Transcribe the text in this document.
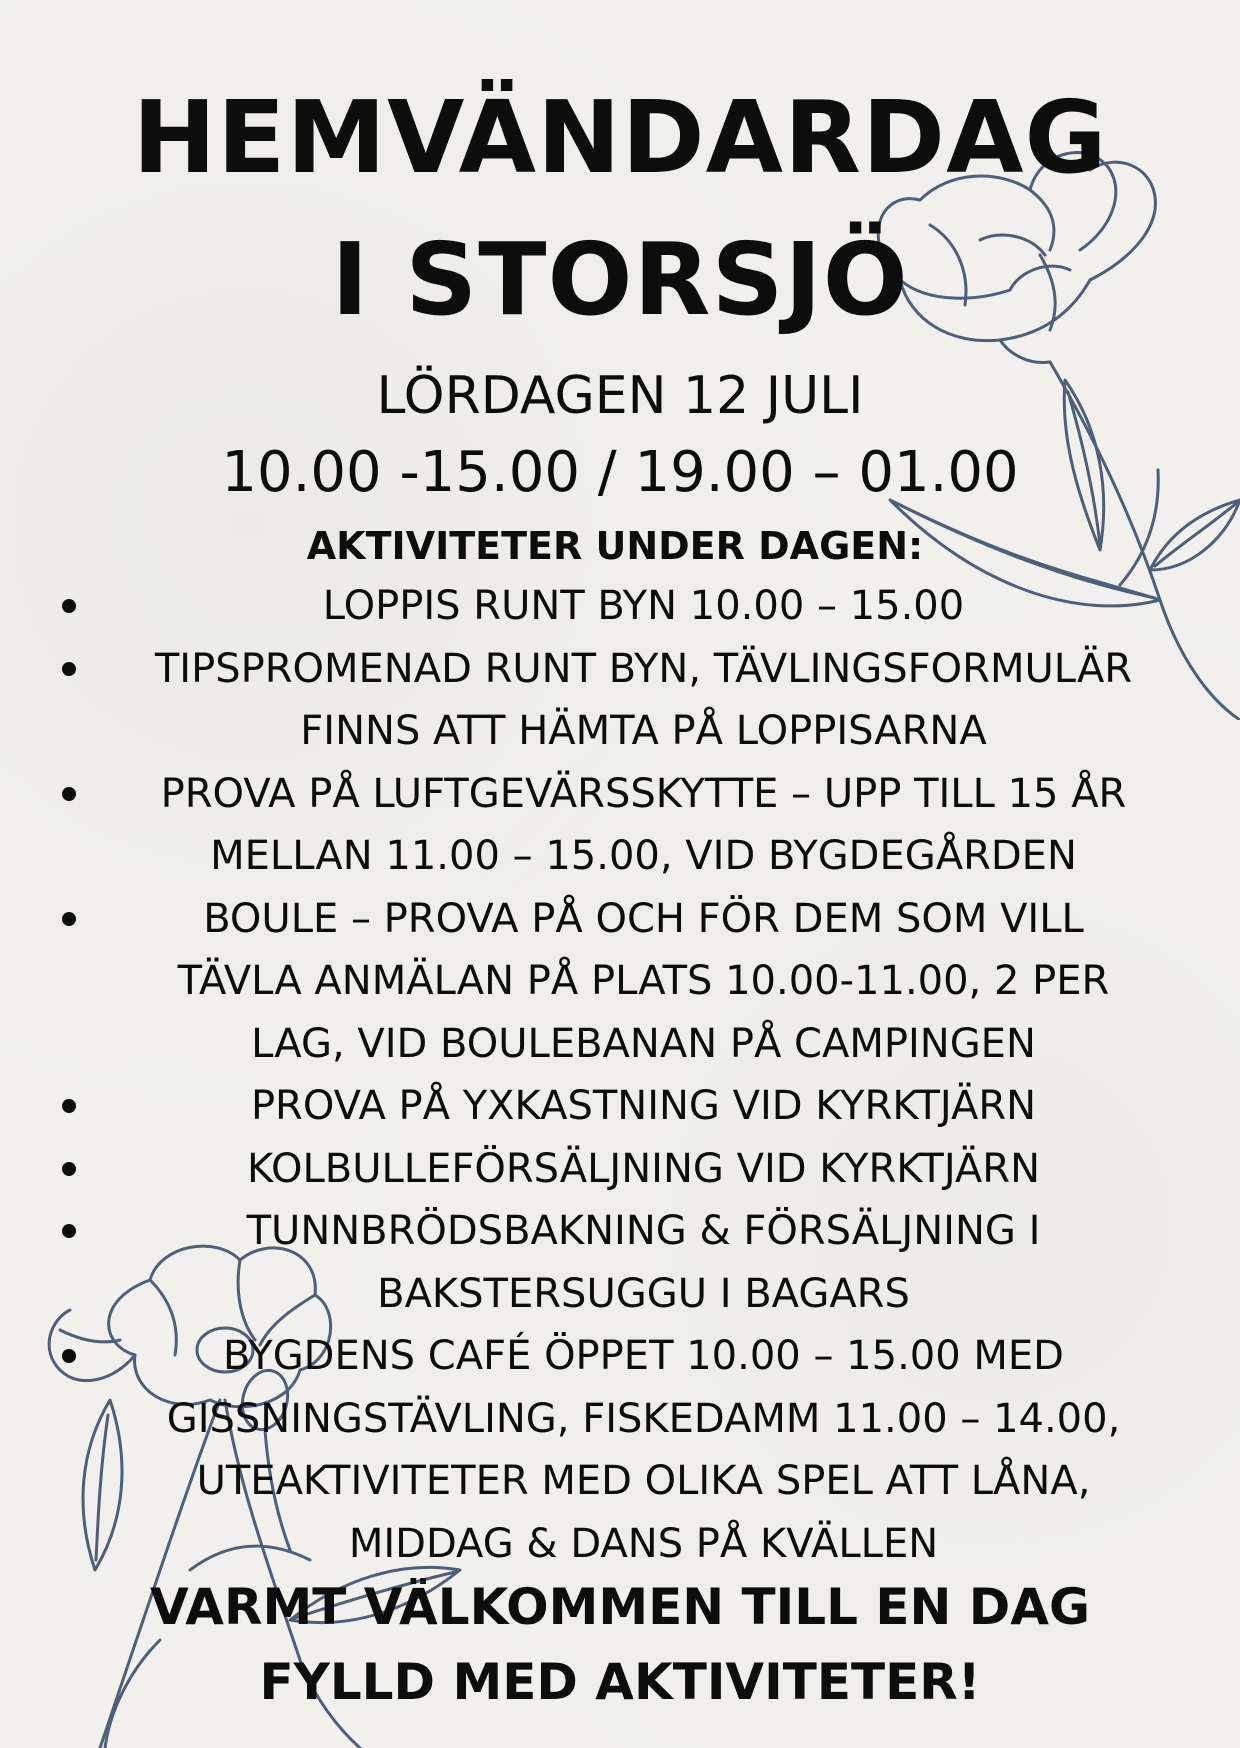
HEMVÄNDARDAG
I STORSJÖ
LÖRDAGEN 12 JULI
10.00 -15.00 / 19.00 – 01.00
AKTIVITETER UNDER DAGEN:
LOPPIS RUNT BYN 10.00 – 15.00
TIPSPROMENAD RUNT BYN, TÄVLINGSFORMULÄR
FINNS ATT HÄMTA PÅ LOPPISARNA
PROVA PÅ LUFTGEVÄRSSKYTTE – UPP TILL 15 ÅR
MELLAN 11.00 – 15.00, VID BYGDEGÅRDEN
BOULE – PROVA PÅ OCH FÖR DEM SOM VILL
TÄVLA ANMÄLAN PÅ PLATS 10.00-11.00, 2 PER
LAG, VID BOULEBANAN PÅ CAMPINGEN
PROVA PÅ YXKASTNING VID KYRKTJÄRN
KOLBULLEFÖRSÄLJNING VID KYRKTJÄRN
TUNNBRÖDSBAKNING & FÖRSÄLJNING I
BAKSTERSUGGU I BAGARS
BYGDENS CAFÉ ÖPPET 10.00 – 15.00 MED
GISSNINGSTÄVLING, FISKEDAMM 11.00 – 14.00,
UTEAKTIVITETER MED OLIKA SPEL ATT LÅNA,
MIDDAG & DANS PÅ KVÄLLEN
VARMT VÄLKOMMEN TILL EN DAG
FYLLD MED AKTIVITETER!
